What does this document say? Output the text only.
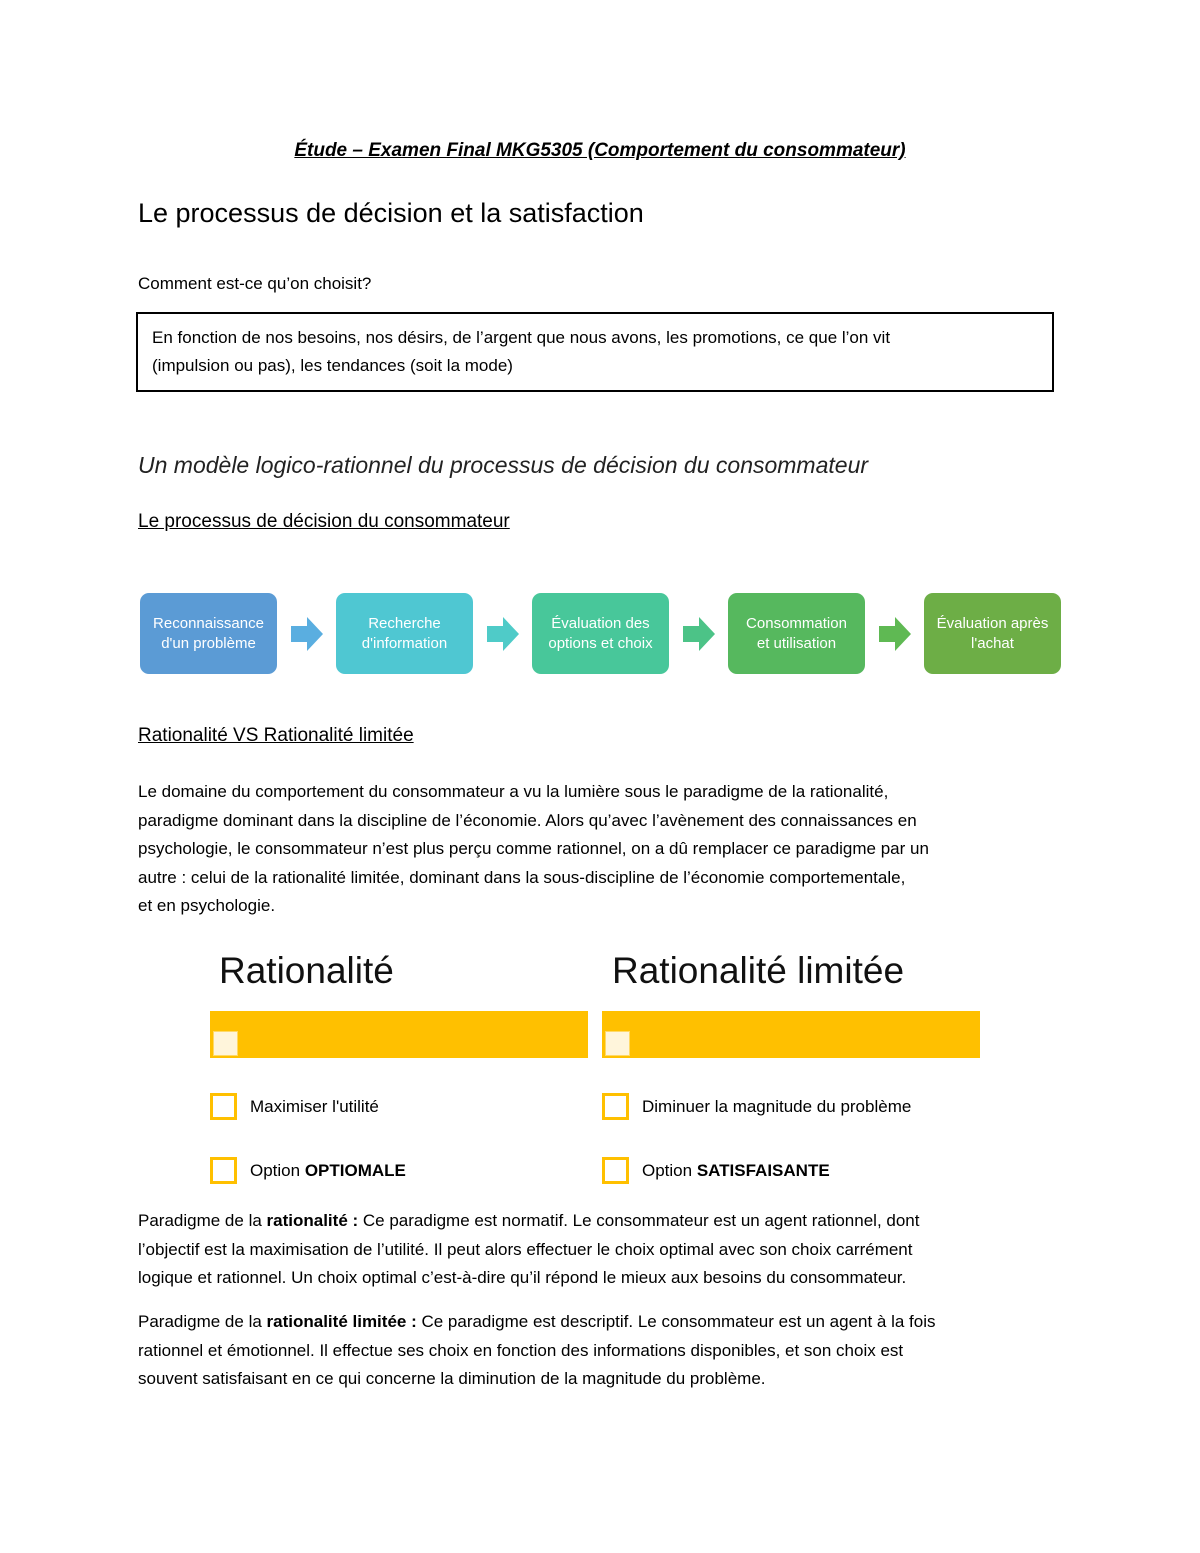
Étude – Examen Final MKG5305 (Comportement du consommateur)
Le processus de décision et la satisfaction
Comment est-ce qu’on choisit?
En fonction de nos besoins, nos désirs, de l’argent que nous avons, les promotions, ce que l’on vit
(impulsion ou pas), les tendances (soit la mode)
Un modèle logico-rationnel du processus de décision du consommateur
Le processus de décision du consommateur
Reconnaissance
d'un problème
Recherche
d'information
Évaluation des
options et choix
Consommation
et utilisation
Évaluation après
l'achat
Rationalité VS Rationalité limitée
Le domaine du comportement du consommateur a vu la lumière sous le paradigme de la rationalité,
paradigme dominant dans la discipline de l’économie. Alors qu’avec l’avènement des connaissances en
psychologie, le consommateur n’est plus perçu comme rationnel, on a dû remplacer ce paradigme par un
autre : celui de la rationalité limitée, dominant dans la sous-discipline de l’économie comportementale,
et en psychologie.
Rationalité	Rationalité limitée
Maximiser l'utilité	Diminuer la magnitude du problème
Option OPTIOMALE	Option SATISFAISANTE
Paradigme de la rationalité : Ce paradigme est normatif. Le consommateur est un agent rationnel, dont
l’objectif est la maximisation de l’utilité. Il peut alors effectuer le choix optimal avec son choix carrément
logique et rationnel. Un choix optimal c’est-à-dire qu’il répond le mieux aux besoins du consommateur.
Paradigme de la rationalité limitée : Ce paradigme est descriptif. Le consommateur est un agent à la fois
rationnel et émotionnel. Il effectue ses choix en fonction des informations disponibles, et son choix est
souvent satisfaisant en ce qui concerne la diminution de la magnitude du problème.
